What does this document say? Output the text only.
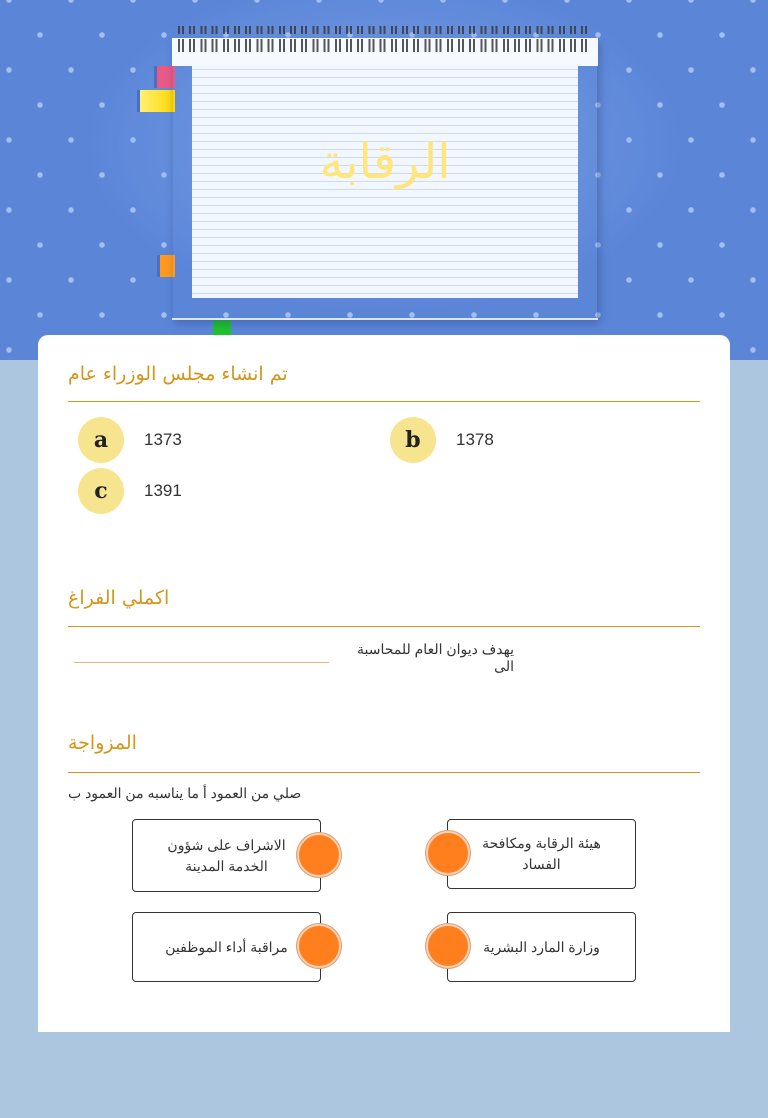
الرقابة
تم انشاء مجلس الوزراء عام
a	1373	b	1378
c	1391
اكملي الفراغ
يهدف ديوان العام للمحاسبة الى
المزواجة
صلي من العمود أ ما يناسبه من العمود ب
الاشراف على شؤون الخدمة المدينة
هيئة الرقابة ومكافحة الفساد
مراقبة أداء الموظفين	وزارة المارد البشرية
